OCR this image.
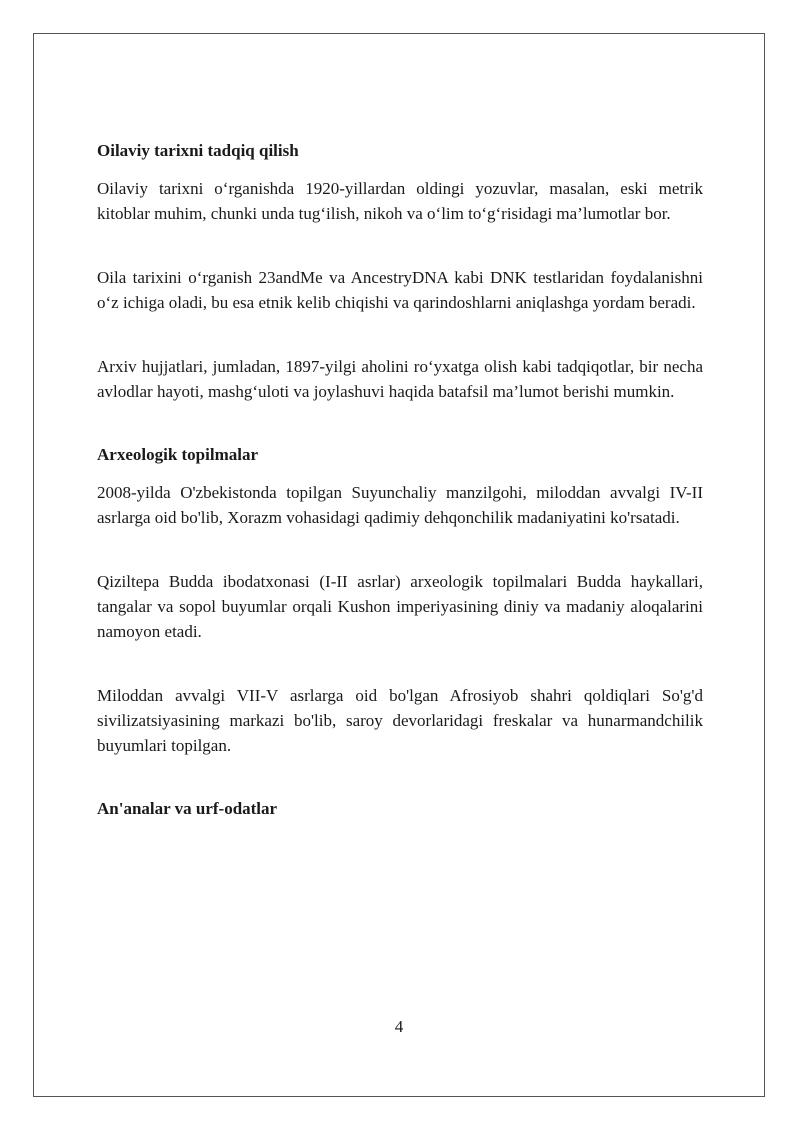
Oilaviy tarixni tadqiq qilish

Oilaviy tarixni o‘rganishda 1920-yillardan oldingi yozuvlar, masalan, eski metrik kitoblar muhim, chunki unda tug‘ilish, nikoh va o‘lim to‘g‘risidagi ma’lumotlar bor.

Oila tarixini o‘rganish 23andMe va AncestryDNA kabi DNK testlaridan foydalanishni o‘z ichiga oladi, bu esa etnik kelib chiqishi va qarindoshlarni aniqlashga yordam beradi.

Arxiv hujjatlari, jumladan, 1897-yilgi aholini ro‘yxatga olish kabi tadqiqotlar, bir necha avlodlar hayoti, mashg‘uloti va joylashuvi haqida batafsil ma’lumot berishi mumkin.

Arxeologik topilmalar

2008-yilda O'zbekistonda topilgan Suyunchaliy manzilgohi, miloddan avvalgi IV-II asrlarga oid bo'lib, Xorazm vohasidagi qadimiy dehqonchilik madaniyatini ko'rsatadi.

Qiziltepa Budda ibodatxonasi (I-II asrlar) arxeologik topilmalari Budda haykallari, tangalar va sopol buyumlar orqali Kushon imperiyasining diniy va madaniy aloqalarini namoyon etadi.

Miloddan avvalgi VII-V asrlarga oid bo'lgan Afrosiyob shahri qoldiqlari So'g'd sivilizatsiyasining markazi bo'lib, saroy devorlaridagi freskalar va hunarmandchilik buyumlari topilgan.

An'analar va urf-odatlar
4
